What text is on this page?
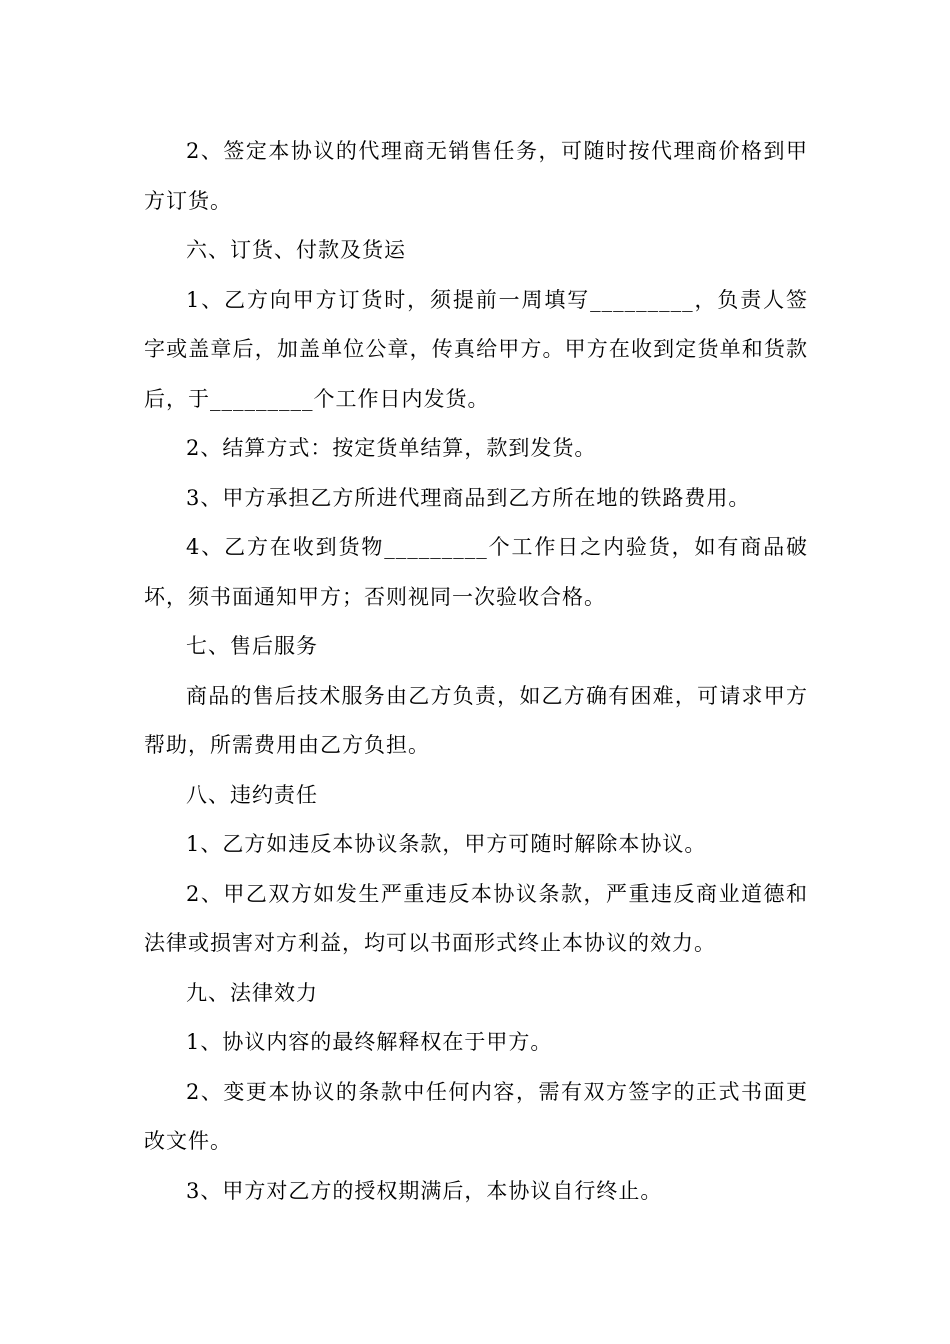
2、签定本协议的代理商无销售任务，可随时按代理商价格到甲方订货。

六、订货、付款及货运

1、乙方向甲方订货时，须提前一周填写_________，负责人签字或盖章后，加盖单位公章，传真给甲方。甲方在收到定货单和货款后，于_________个工作日内发货。

2、结算方式：按定货单结算，款到发货。

3、甲方承担乙方所进代理商品到乙方所在地的铁路费用。

4、乙方在收到货物_________个工作日之内验货，如有商品破坏，须书面通知甲方；否则视同一次验收合格。

七、售后服务

商品的售后技术服务由乙方负责，如乙方确有困难，可请求甲方帮助，所需费用由乙方负担。

八、违约责任

1、乙方如违反本协议条款，甲方可随时解除本协议。

2、甲乙双方如发生严重违反本协议条款，严重违反商业道德和法律或损害对方利益，均可以书面形式终止本协议的效力。

九、法律效力

1、协议内容的最终解释权在于甲方。

2、变更本协议的条款中任何内容，需有双方签字的正式书面更改文件。

3、甲方对乙方的授权期满后，本协议自行终止。
